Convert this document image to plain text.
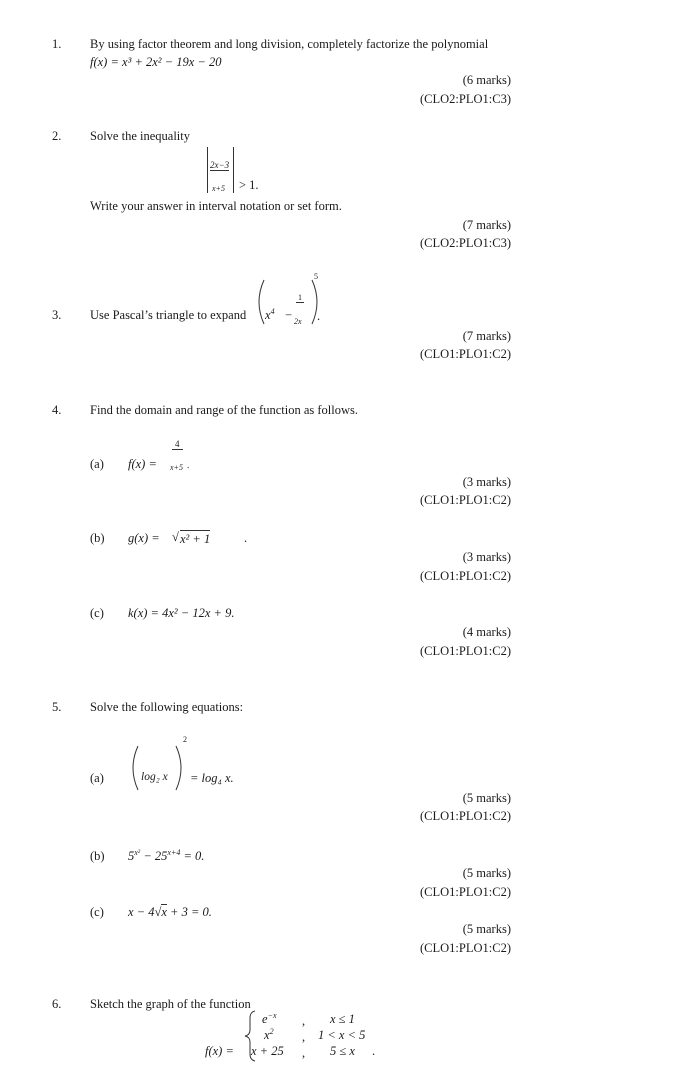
1. By using factor theorem and long division, completely factorize the polynomial
f(x) = x³ + 2x² − 19x − 20
(6 marks)
(CLO2:PLO1:C3)
2. Solve the inequality
2x−3
x+5 > 1.
Write your answer in interval notation or set form.
(7 marks)
(CLO2:PLO1:C3)
3. Use Pascal’s triangle to expand $x^4$ −
1
2x
5
.
(7 marks)
(CLO1:PLO1:C2)
4. Find the domain and range of the function as follows.
(a) f(x) =
4
x+5 .
(3 marks)
(CLO1:PLO1:C2)
(b) g(x) = √ x² + 1	.
(3 marks)
(CLO1:PLO1:C2)
(c) k(x) = 4x² − 12x + 9.
(4 marks)
(CLO1:PLO1:C2)
5. Solve the following equations:
(a)	log₂ x
2
= log₄ x.
(5 marks)
(CLO1:PLO1:C2)
(b) $5^{x^2} - 25^{x+4} = 0$.
(5 marks)
(CLO1:PLO1:C2)
(c) x − 4√x + 3 = 0.
(5 marks)
(CLO1:PLO1:C2)
6. Sketch the graph of the function
f(x) =
$e^{-x}$ , x ≤ 1
$x^2$ , 1 < x < 5
x + 25 , 5 ≤ x .
